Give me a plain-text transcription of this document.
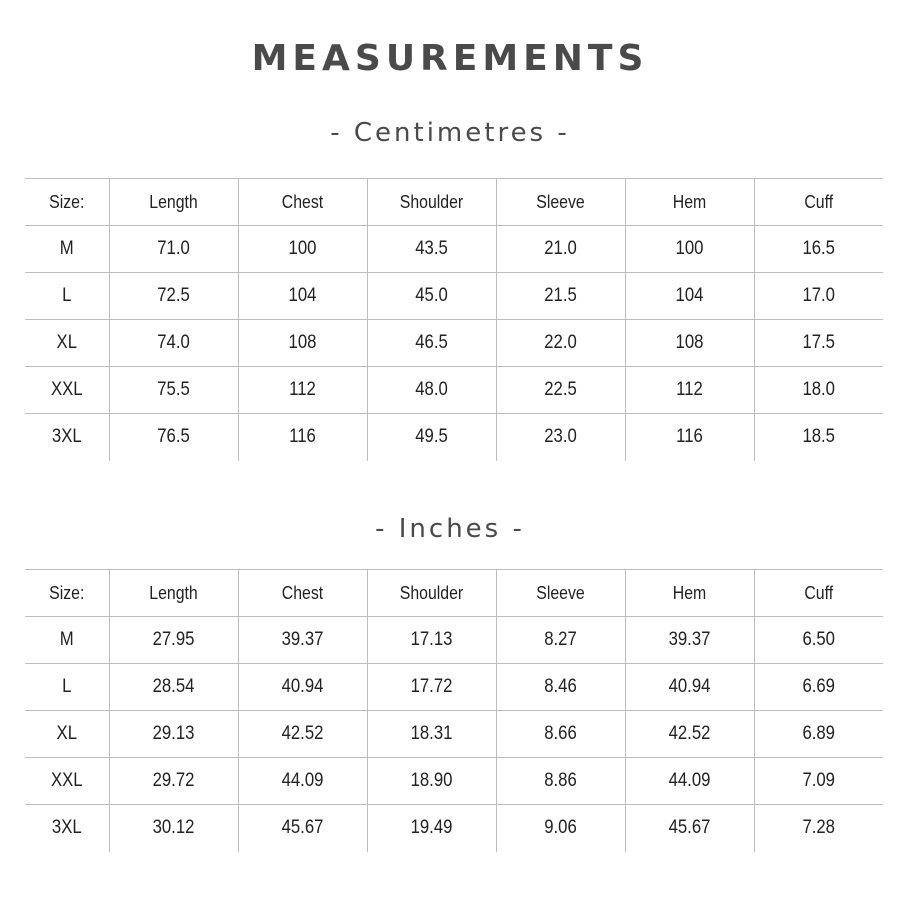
MEASUREMENTS
- Centimetres -
Size:	Length	Chest	Shoulder	Sleeve	Hem	Cuff
M	71.0	100	43.5	21.0	100	16.5
L	72.5	104	45.0	21.5	104	17.0
XL	74.0	108	46.5	22.0	108	17.5
XXL	75.5	112	48.0	22.5	112	18.0
3XL	76.5	116	49.5	23.0	116	18.5
- Inches -
Size:	Length	Chest	Shoulder	Sleeve	Hem	Cuff
M	27.95	39.37	17.13	8.27	39.37	6.50
L	28.54	40.94	17.72	8.46	40.94	6.69
XL	29.13	42.52	18.31	8.66	42.52	6.89
XXL	29.72	44.09	18.90	8.86	44.09	7.09
3XL	30.12	45.67	19.49	9.06	45.67	7.28
